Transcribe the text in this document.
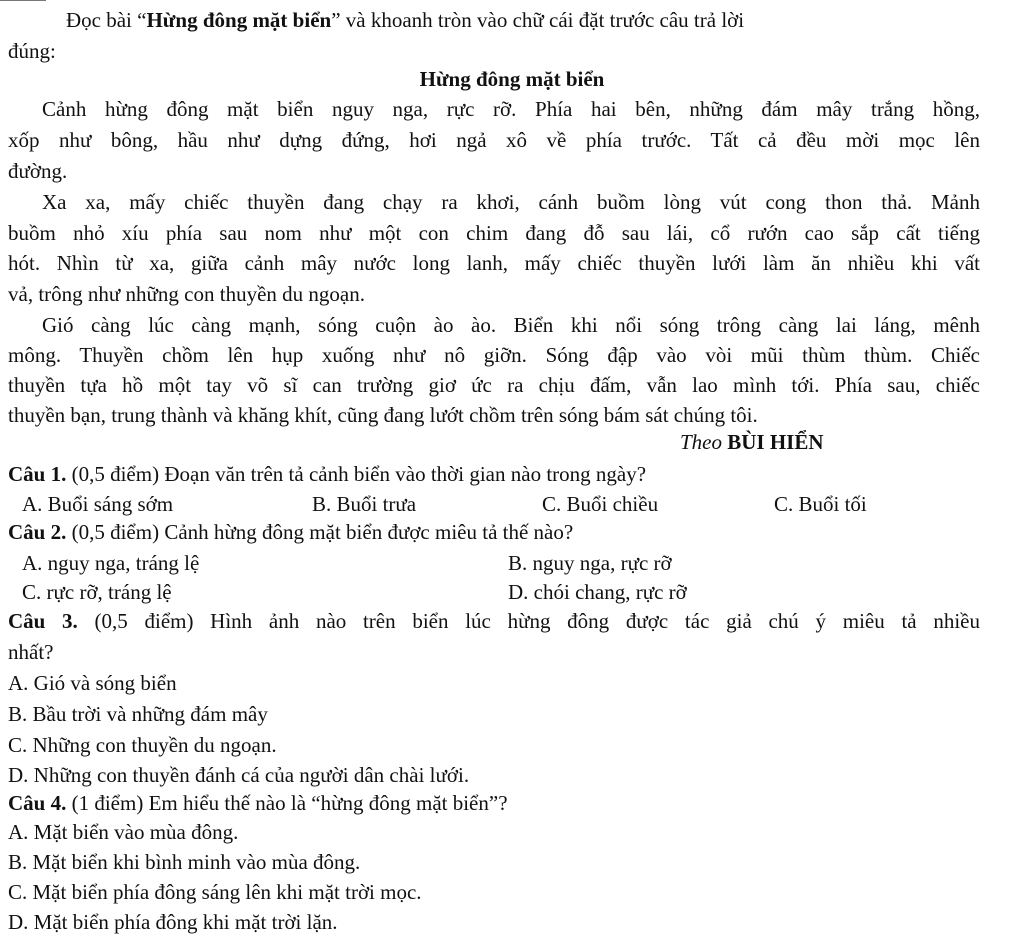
Đọc bài “Hừng đông mặt biển” và khoanh tròn vào chữ cái đặt trước câu trả lời
đúng:
Hừng đông mặt biển
Cảnh hừng đông mặt biển nguy nga, rực rỡ. Phía hai bên, những đám mây trắng hồng,
xốp như bông, hầu như dựng đứng, hơi ngả xô về phía trước. Tất cả đều mời mọc lên
đường.
Xa xa, mấy chiếc thuyền đang chạy ra khơi, cánh buồm lòng vút cong thon thả. Mảnh
buồm nhỏ xíu phía sau nom như một con chim đang đỗ sau lái, cổ rướn cao sắp cất tiếng
hót. Nhìn từ xa, giữa cảnh mây nước long lanh, mấy chiếc thuyền lưới làm ăn nhiều khi vất
vả, trông như những con thuyền du ngoạn.
Gió càng lúc càng mạnh, sóng cuộn ào ào. Biển khi nổi sóng trông càng lai láng, mênh
mông. Thuyền chồm lên hụp xuống như nô giỡn. Sóng đập vào vòi mũi thùm thùm. Chiếc
thuyền tựa hồ một tay võ sĩ can trường giơ ức ra chịu đấm, vẫn lao mình tới. Phía sau, chiếc
thuyền bạn, trung thành và khăng khít, cũng đang lướt chồm trên sóng bám sát chúng tôi.
Theo BÙI HIỂN
Câu 1. (0,5 điểm) Đoạn văn trên tả cảnh biển vào thời gian nào trong ngày?
A. Buổi sáng sớm	B. Buổi trưa	C. Buổi chiều	C. Buổi tối
Câu 2. (0,5 điểm) Cảnh hừng đông mặt biển được miêu tả thế nào?
A. nguy nga, tráng lệ	B. nguy nga, rực rỡ
C. rực rỡ, tráng lệ	D. chói chang, rực rỡ
Câu 3. (0,5 điểm) Hình ảnh nào trên biển lúc hừng đông được tác giả chú ý miêu tả nhiều
nhất?
A. Gió và sóng biển
B. Bầu trời và những đám mây
C. Những con thuyền du ngoạn.
D. Những con thuyền đánh cá của người dân chài lưới.
Câu 4. (1 điểm) Em hiểu thế nào là “hừng đông mặt biển”?
A. Mặt biển vào mùa đông.
B. Mặt biển khi bình minh vào mùa đông.
C. Mặt biển phía đông sáng lên khi mặt trời mọc.
D. Mặt biển phía đông khi mặt trời lặn.
